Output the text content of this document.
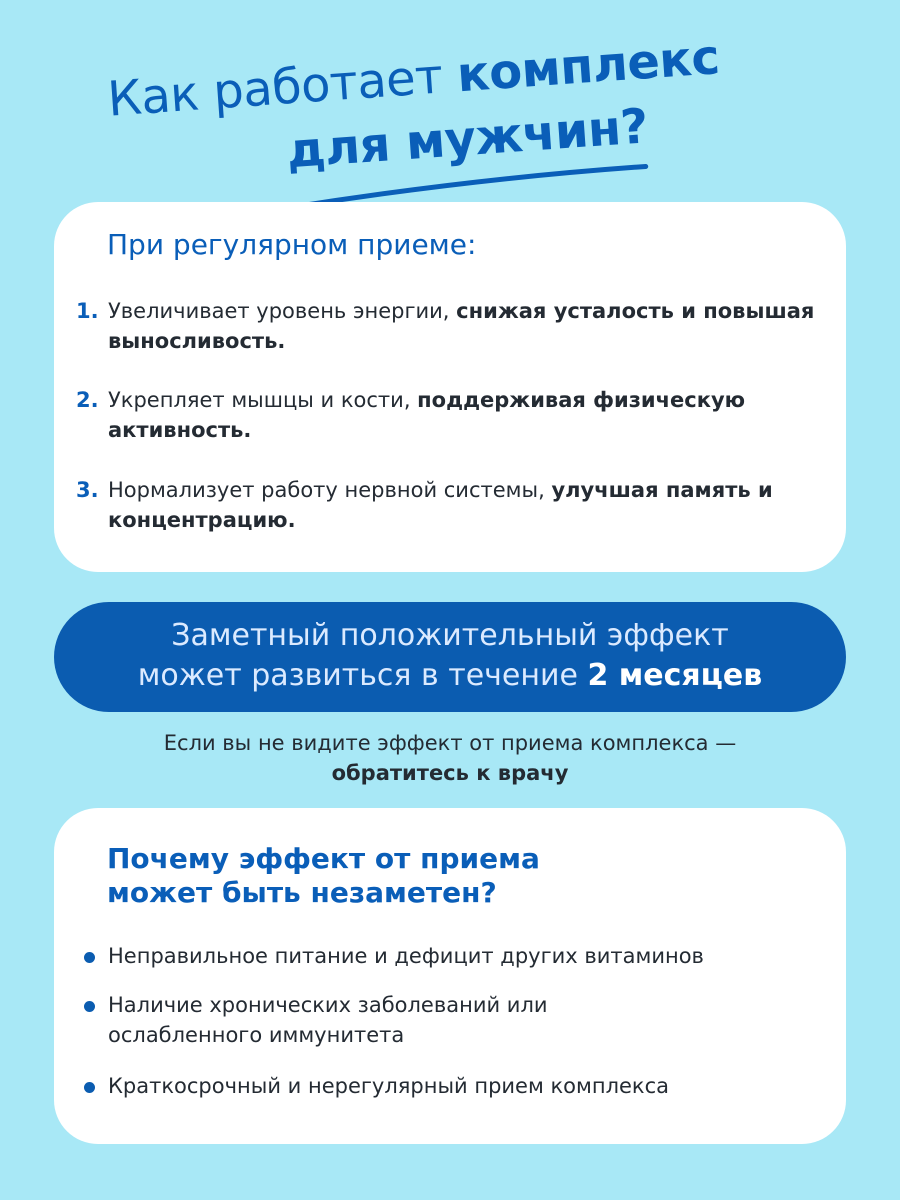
Как работает комплекс
для мужчин?
При регулярном приеме:
1. Увеличивает уровень энергии, снижая усталость и повышая выносливость.
2. Укрепляет мышцы и кости, поддерживая физическую активность.
3. Нормализует работу нервной системы, улучшая память и концентрацию.
Заметный положительный эффект
может развиться в течение 2 месяцев
Если вы не видите эффект от приема комплекса —
обратитесь к врачу
Почему эффект от приема
может быть незаметен?
Неправильное питание и дефицит других витаминов
Наличие хронических заболеваний или ослабленного иммунитета
Краткосрочный и нерегулярный прием комплекса
